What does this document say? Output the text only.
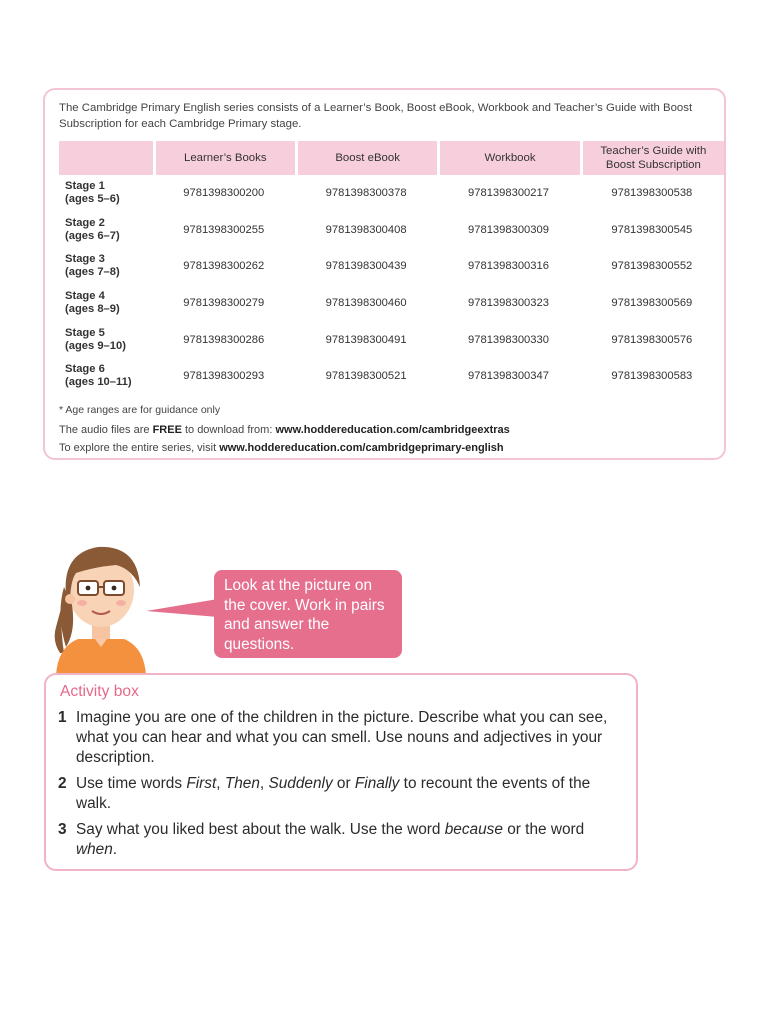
The Cambridge Primary English series consists of a Learner’s Book, Boost eBook, Workbook and Teacher’s Guide with Boost Subscription for each Cambridge Primary stage.
	Learner’s Books	Boost eBook	Workbook	Teacher’s Guide with Boost Subscription

Stage 1
(ages 5–6)	9781398300200	9781398300378	9781398300217	9781398300538

Stage 2
(ages 6–7)	9781398300255	9781398300408	9781398300309	9781398300545

Stage 3
(ages 7–8)	9781398300262	9781398300439	9781398300316	9781398300552

Stage 4
(ages 8–9)	9781398300279	9781398300460	9781398300323	9781398300569

Stage 5
(ages 9–10)	9781398300286	9781398300491	9781398300330	9781398300576

Stage 6
(ages 10–11)	9781398300293	9781398300521	9781398300347	9781398300583
* Age ranges are for guidance only
The audio files are FREE to download from: www.hoddereducation.com/cambridgeextras
To explore the entire series, visit www.hoddereducation.com/cambridgeprimary-english
Look at the picture on the cover. Work in pairs and answer the questions.
Activity box
1 Imagine you are one of the children in the picture. Describe what you can see, what you can hear and what you can smell. Use nouns and adjectives in your description.
2 Use time words First, Then, Suddenly or Finally to recount the events of the walk.
3 Say what you liked best about the walk. Use the word because or the word when.
